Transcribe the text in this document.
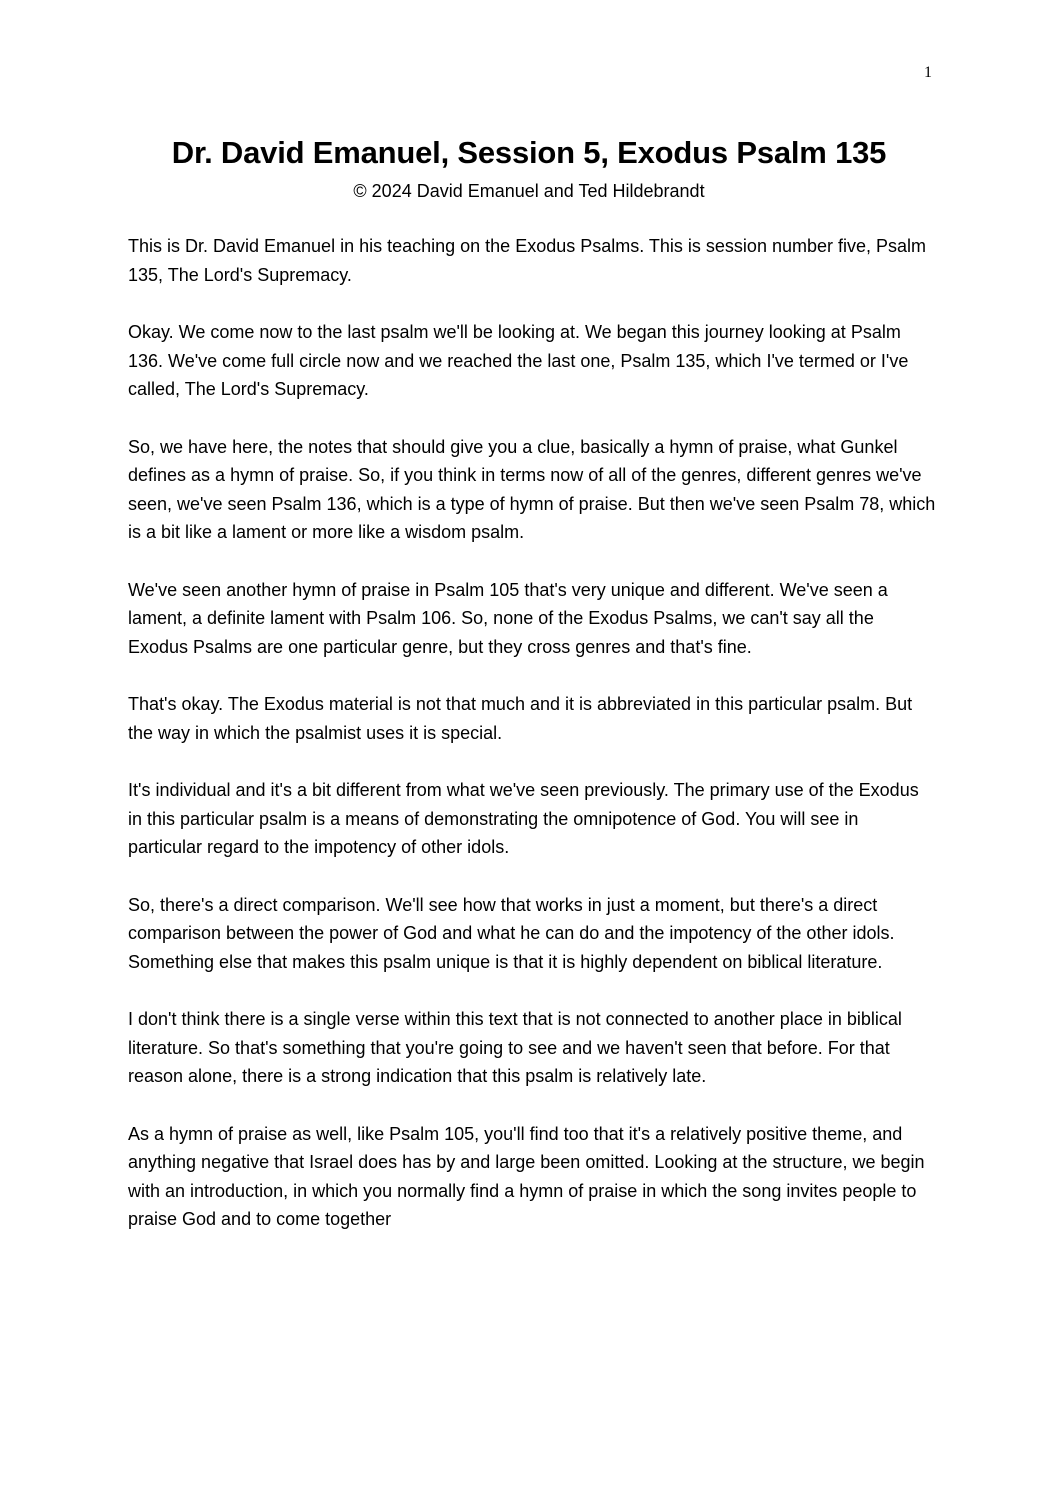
1
Dr. David Emanuel, Session 5, Exodus Psalm 135
© 2024 David Emanuel and Ted Hildebrandt

This is Dr. David Emanuel in his teaching on the Exodus Psalms. This is session number five, Psalm 135, The Lord's Supremacy.

Okay. We come now to the last psalm we'll be looking at. We began this journey looking at Psalm 136. We've come full circle now and we reached the last one, Psalm 135, which I've termed or I've called, The Lord's Supremacy.

So, we have here, the notes that should give you a clue, basically a hymn of praise, what Gunkel defines as a hymn of praise. So, if you think in terms now of all of the genres, different genres we've seen, we've seen Psalm 136, which is a type of hymn of praise. But then we've seen Psalm 78, which is a bit like a lament or more like a wisdom psalm.

We've seen another hymn of praise in Psalm 105 that's very unique and different. We've seen a lament, a definite lament with Psalm 106. So, none of the Exodus Psalms, we can't say all the Exodus Psalms are one particular genre, but they cross genres and that's fine.

That's okay. The Exodus material is not that much and it is abbreviated in this particular psalm. But the way in which the psalmist uses it is special.

It's individual and it's a bit different from what we've seen previously. The primary use of the Exodus in this particular psalm is a means of demonstrating the omnipotence of God. You will see in particular regard to the impotency of other idols.

So, there's a direct comparison. We'll see how that works in just a moment, but there's a direct comparison between the power of God and what he can do and the impotency of the other idols. Something else that makes this psalm unique is that it is highly dependent on biblical literature.

I don't think there is a single verse within this text that is not connected to another place in biblical literature. So that's something that you're going to see and we haven't seen that before. For that reason alone, there is a strong indication that this psalm is relatively late.

As a hymn of praise as well, like Psalm 105, you'll find too that it's a relatively positive theme, and anything negative that Israel does has by and large been omitted. Looking at the structure, we begin with an introduction, in which you normally find a hymn of praise in which the song invites people to praise God and to come together
